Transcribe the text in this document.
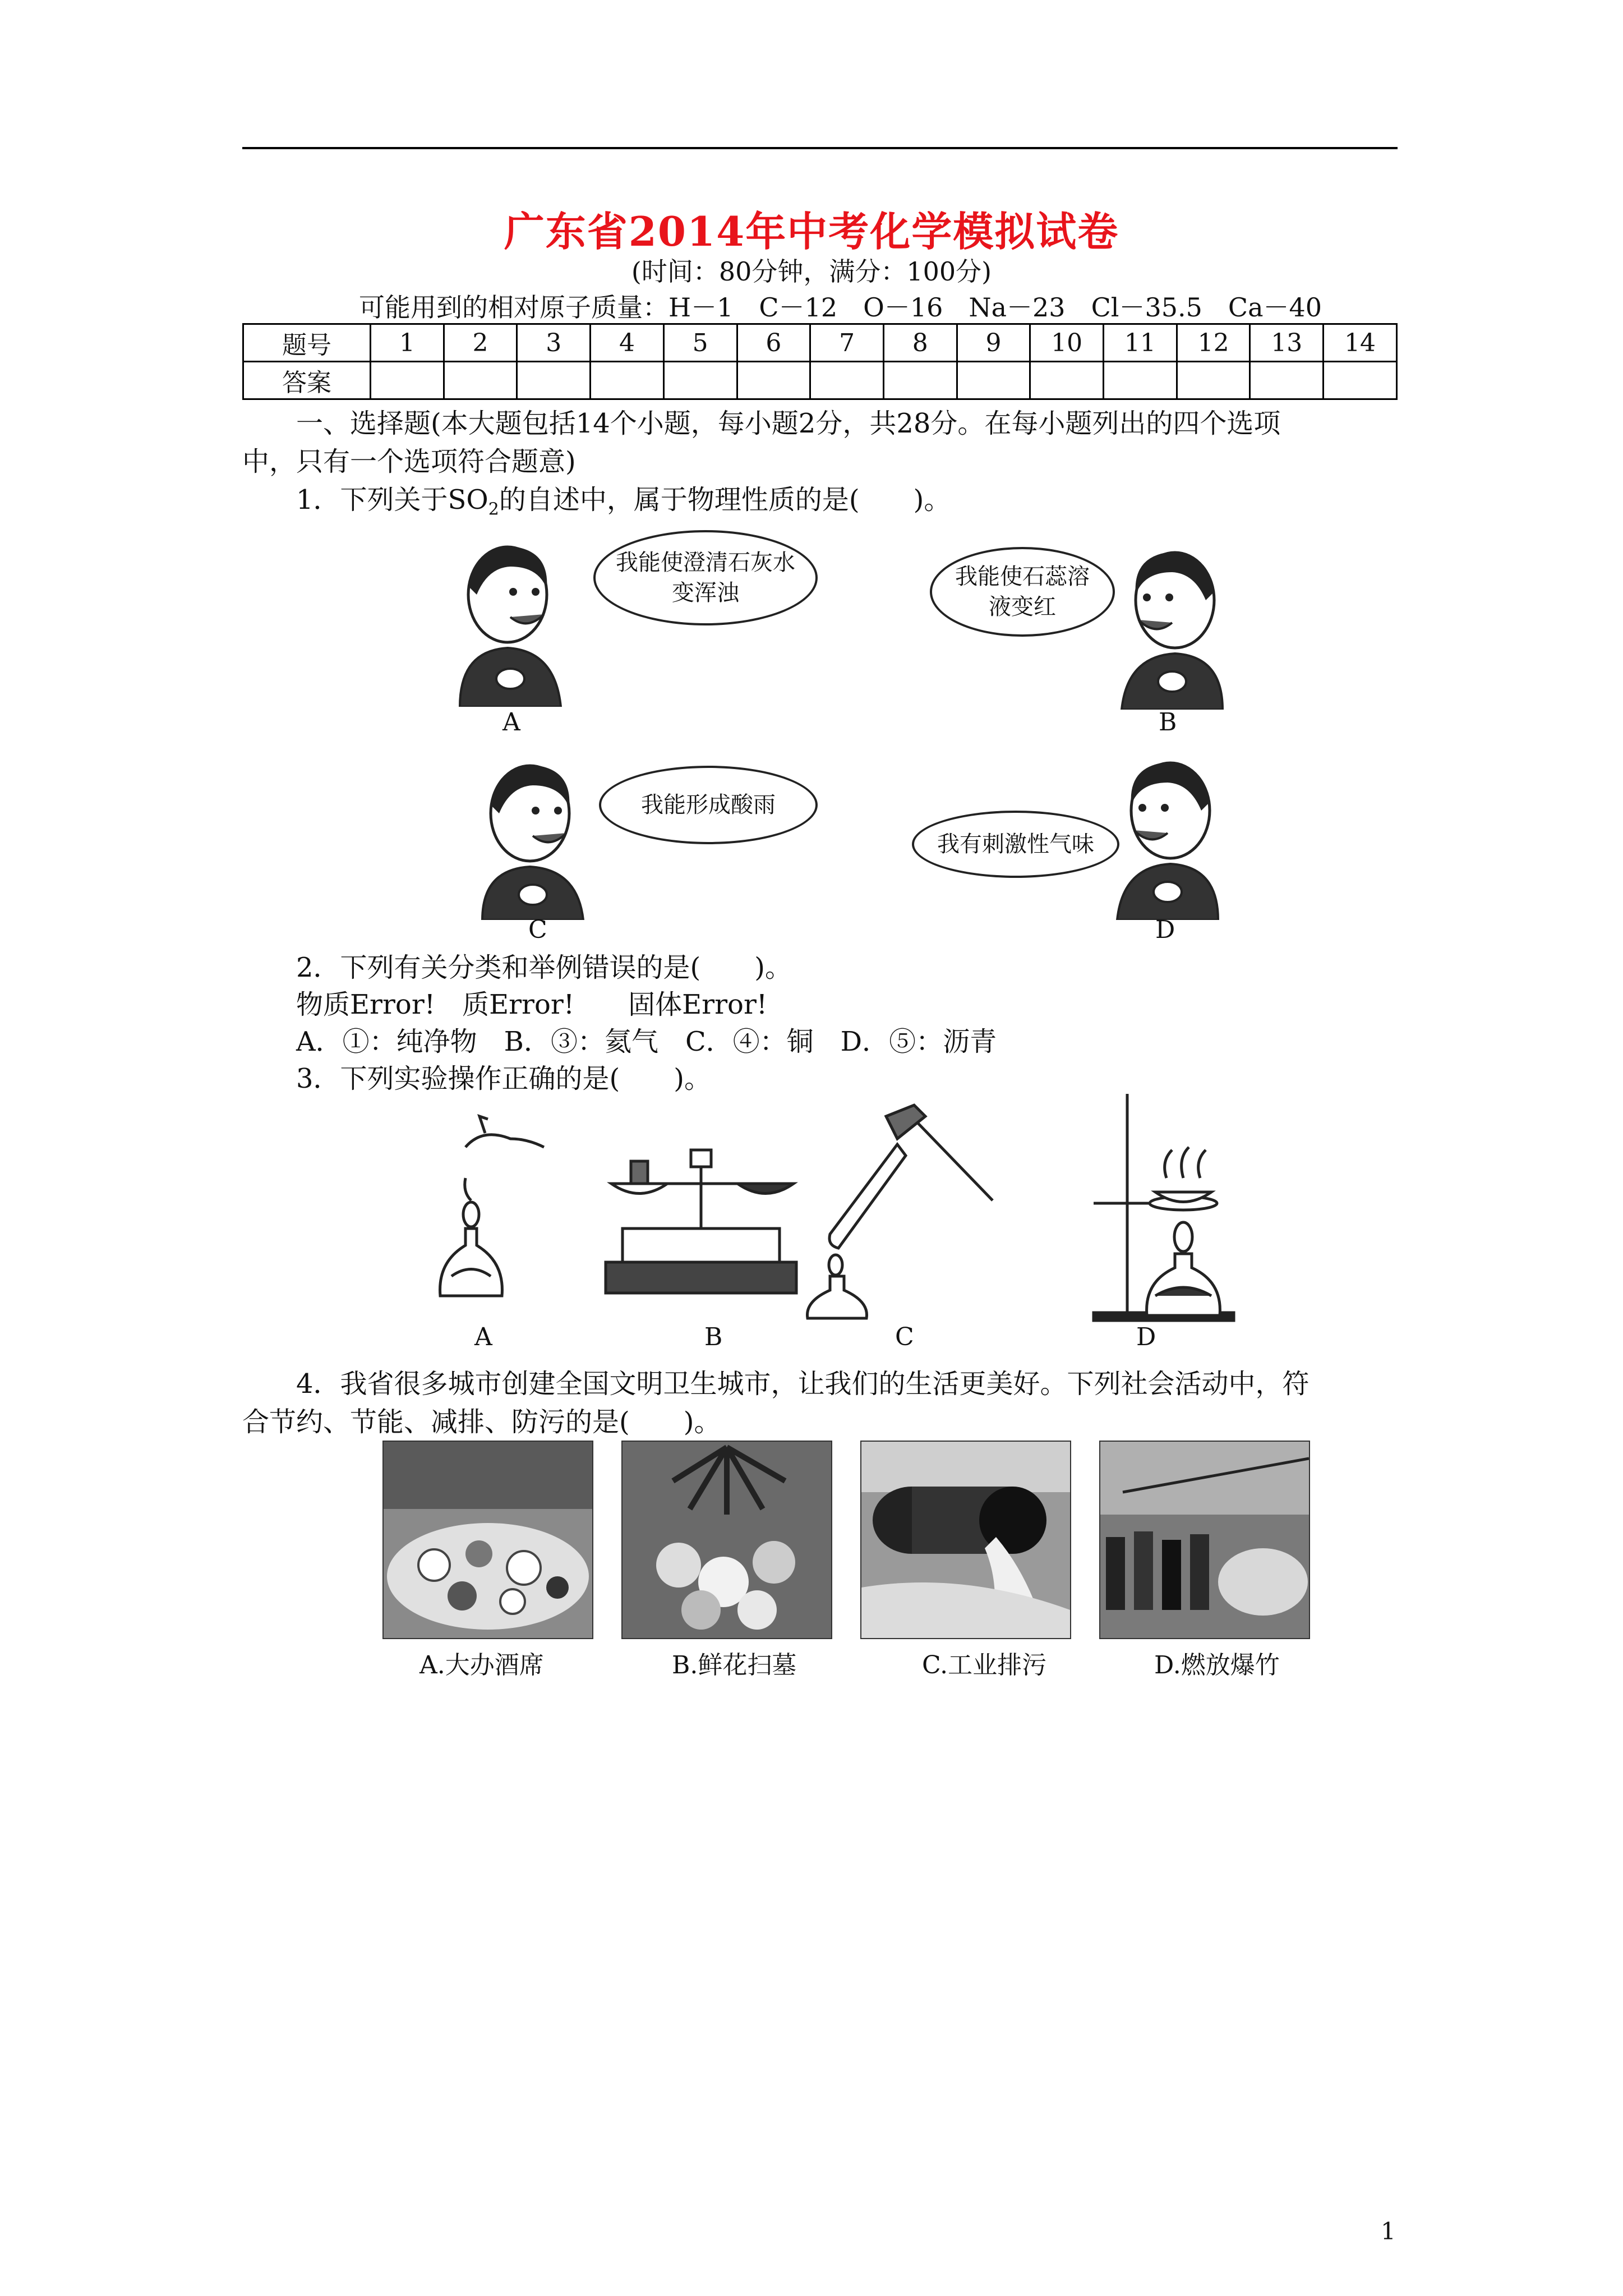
广东省2014年中考化学模拟试卷
(时间：80分钟，满分：100分)
可能用到的相对原子质量：H－1　C－12　O－16　Na－23　Cl－35.5　Ca－40
题号	1	2	3	4	5	6	7	8	9	10	11	12	13	14
答案														
一、选择题(本大题包括14个小题，每小题2分，共28分。在每小题列出的四个选项
中，只有一个选项符合题意)
1．下列关于$SO_2$的自述中，属于物理性质的是(　　)。
我能使澄清石灰水变浑浊
A
我能使石蕊溶液变红
B
我能形成酸雨
C
我有刺激性气味
D
2．下列有关分类和举例错误的是(　　)。
物质Error!　质Error!　　固体Error!
A．①：纯净物　B．③：氦气　C．④：铜　D．⑤：沥青
3．下列实验操作正确的是(　　)。
A	B	C	D
4．我省很多城市创建全国文明卫生城市，让我们的生活更美好。下列社会活动中，符
合节约、节能、减排、防污的是(　　)。
A.大办酒席	B.鲜花扫墓	C.工业排污	D.燃放爆竹
1
